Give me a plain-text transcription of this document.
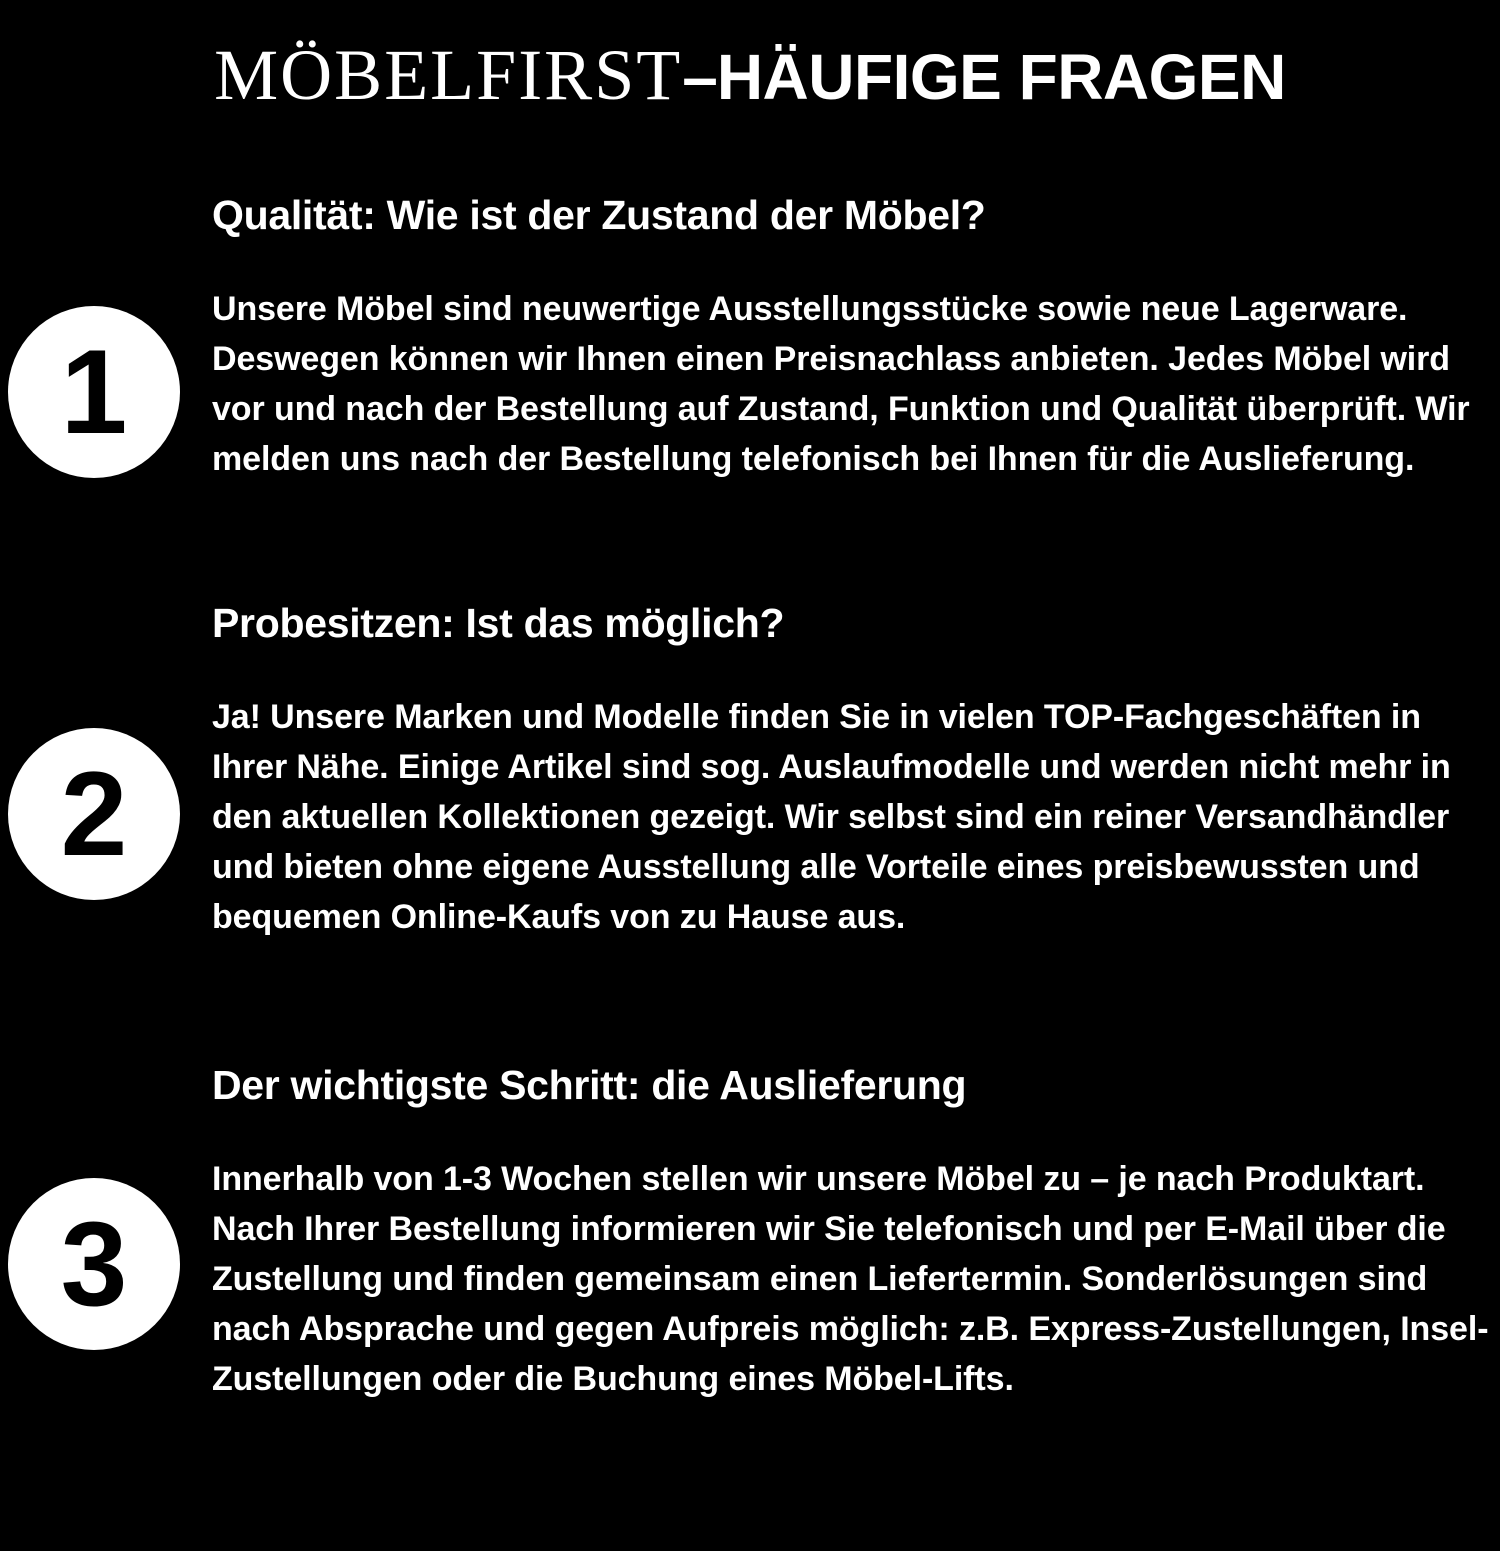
MÖBELFIRST–HÄUFIGE FRAGEN
1
Qualität: Wie ist der Zustand der Möbel?
Unsere Möbel sind neuwertige Ausstellungsstücke sowie neue Lagerware. Deswegen können wir Ihnen einen Preisnachlass anbieten. Jedes Möbel wird vor und nach der Bestellung auf Zustand, Funktion und Qualität überprüft. Wir melden uns nach der Bestellung telefonisch bei Ihnen für die Auslieferung.
2
Probesitzen: Ist das möglich?
Ja! Unsere Marken und Modelle finden Sie in vielen TOP-Fachgeschäften in Ihrer Nähe. Einige Artikel sind sog. Auslaufmodelle und werden nicht mehr in den aktuellen Kollektionen gezeigt. Wir selbst sind ein reiner Versandhändler und bieten ohne eigene Ausstellung alle Vorteile eines preisbewussten und bequemen Online-Kaufs von zu Hause aus.
3
Der wichtigste Schritt: die Auslieferung
Innerhalb von 1-3 Wochen stellen wir unsere Möbel zu – je nach Produktart. Nach Ihrer Bestellung informieren wir Sie telefonisch und per E-Mail über die Zustellung und finden gemeinsam einen Liefertermin. Sonderlösungen sind nach Absprache und gegen Aufpreis möglich: z.B. Express-Zustellungen, Insel-Zustellungen oder die Buchung eines Möbel-Lifts.
